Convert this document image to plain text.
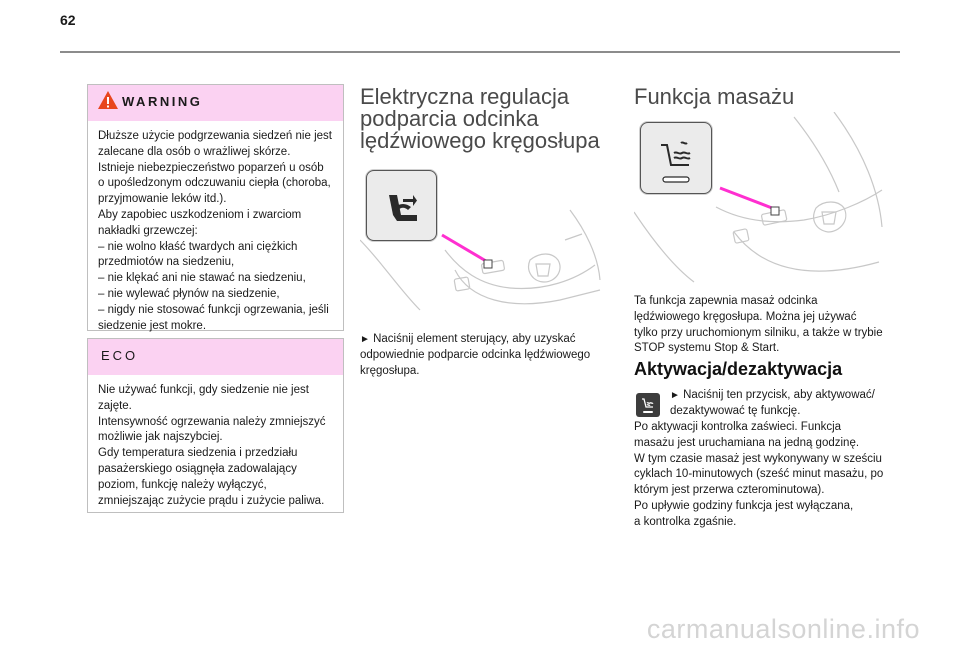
62
WARNING

Dłuższe użycie podgrzewania siedzeń nie jest

zalecane dla osób o wrażliwej skórze.

Istnieje niebezpieczeństwo poparzeń u osób

o upośledzonym odczuwaniu ciepła (choroba,

przyjmowanie leków itd.).

Aby zapobiec uszkodzeniom i zwarciom

nakładki grzewczej:

– nie wolno kłaść twardych ani ciężkich

przedmiotów na siedzeniu,

– nie klękać ani nie stawać na siedzeniu,

– nie wylewać płynów na siedzenie,

– nigdy nie stosować funkcji ogrzewania, jeśli

siedzenie jest mokre.

ECO

Nie używać funkcji, gdy siedzenie nie jest

zajęte.

Intensywność ogrzewania należy zmniejszyć

możliwie jak najszybciej.

Gdy temperatura siedzenia i przedziału

pasażerskiego osiągnęła zadowalający

poziom, funkcję należy wyłączyć,

zmniejszając zużycie prądu i zużycie paliwa.

Elektryczna regulacja
podparcia odcinka
lędźwiowego kręgosłupa

► Naciśnij element sterujący, aby uzyskać

odpowiednie podparcie odcinka lędźwiowego

kręgosłupa.

Funkcja masażu

Ta funkcja zapewnia masaż odcinka

lędźwiowego kręgosłupa. Można jej używać

tylko przy uruchomionym silniku, a także w trybie

STOP systemu Stop & Start.

Aktywacja/dezaktywacja

► Naciśnij ten przycisk, aby aktywować/

dezaktywować tę funkcję.

Po aktywacji kontrolka zaświeci. Funkcja

masażu jest uruchamiana na jedną godzinę.

W tym czasie masaż jest wykonywany w sześciu

cyklach 10-minutowych (sześć minut masażu, po

którym jest przerwa czterominutowa).

Po upływie godziny funkcja jest wyłączana,

a kontrolka zgaśnie.

carmanualsonline.info
